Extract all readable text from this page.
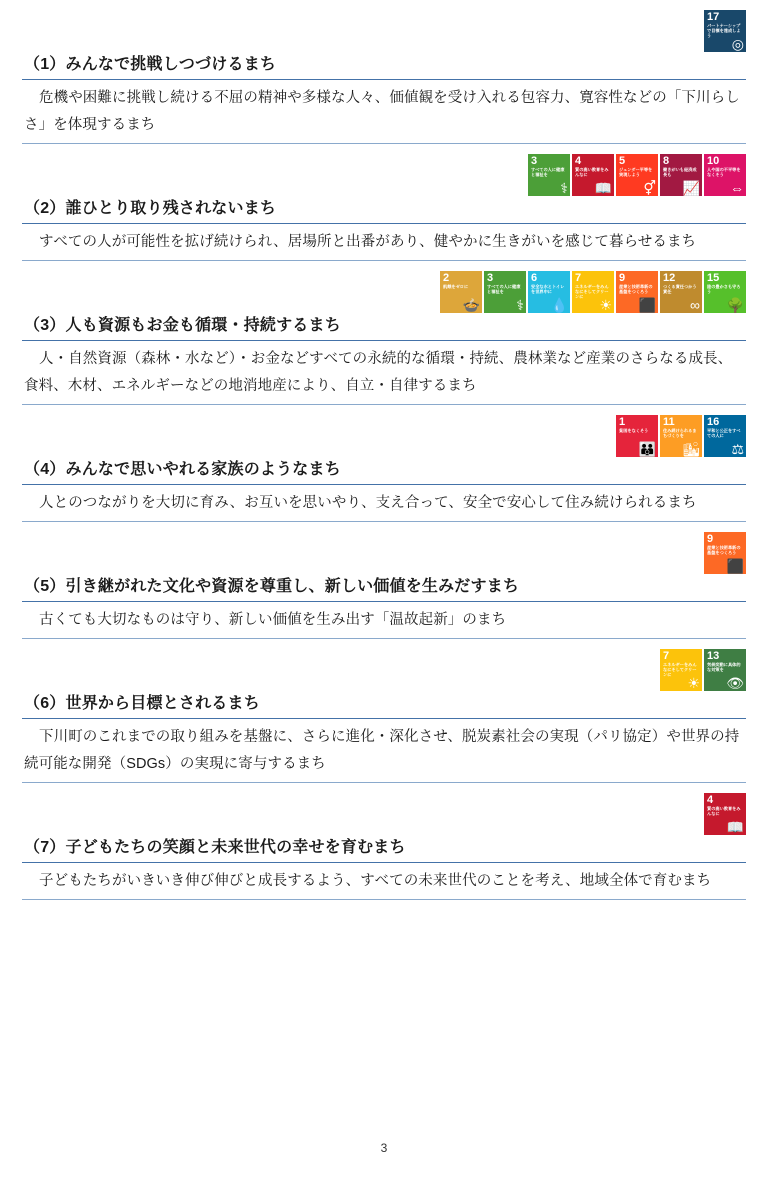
17
パートナーシップで目標を達成しよう
◎
（1）みんなで挑戦しつづけるまち
危機や困難に挑戦し続ける不屈の精神や多様な人々、価値観を受け入れる包容力、寛容性などの「下川らしさ」を体現するまち
3
すべての人に健康と福祉を
⚕
4
質の高い教育をみんなに
📖
5
ジェンダー平等を実現しよう
⚥
8
働きがいも経済成長も
📈
10
人や国の不平等をなくそう
⇔
（2）誰ひとり取り残されないまち
すべての人が可能性を拡げ続けられ、居場所と出番があり、健やかに生きがいを感じて暮らせるまち
2
飢餓をゼロに
🍲
3
すべての人に健康と福祉を
⚕
6
安全な水とトイレを世界中に
💧
7
エネルギーをみんなにそしてクリーンに
☀
9
産業と技術革新の基盤をつくろう
⬛
12
つくる責任つかう責任
∞
15
陸の豊かさも守ろう
🌳
（3）人も資源もお金も循環・持続するまち
人・自然資源（森林・水など）・お金などすべての永続的な循環・持続、農林業など産業のさらなる成長、食料、木材、エネルギーなどの地消地産により、自立・自律するまち
1
貧困をなくそう
👪
11
住み続けられるまちづくりを
🏙
16
平和と公正をすべての人に
⚖
（4）みんなで思いやれる家族のようなまち
人とのつながりを大切に育み、お互いを思いやり、支え合って、安全で安心して住み続けられるまち
9
産業と技術革新の基盤をつくろう
⬛
（5）引き継がれた文化や資源を尊重し、新しい価値を生みだすまち
古くても大切なものは守り、新しい価値を生み出す「温故起新」のまち
7
エネルギーをみんなにそしてクリーンに
☀
13
気候変動に具体的な対策を
👁
（6）世界から目標とされるまち
下川町のこれまでの取り組みを基盤に、さらに進化・深化させ、脱炭素社会の実現（パリ協定）や世界の持続可能な開発（SDGs）の実現に寄与するまち
4
質の高い教育をみんなに
📖
（7）子どもたちの笑顔と未来世代の幸せを育むまち
子どもたちがいきいき伸び伸びと成長するよう、すべての未来世代のことを考え、地域全体で育むまち
3
